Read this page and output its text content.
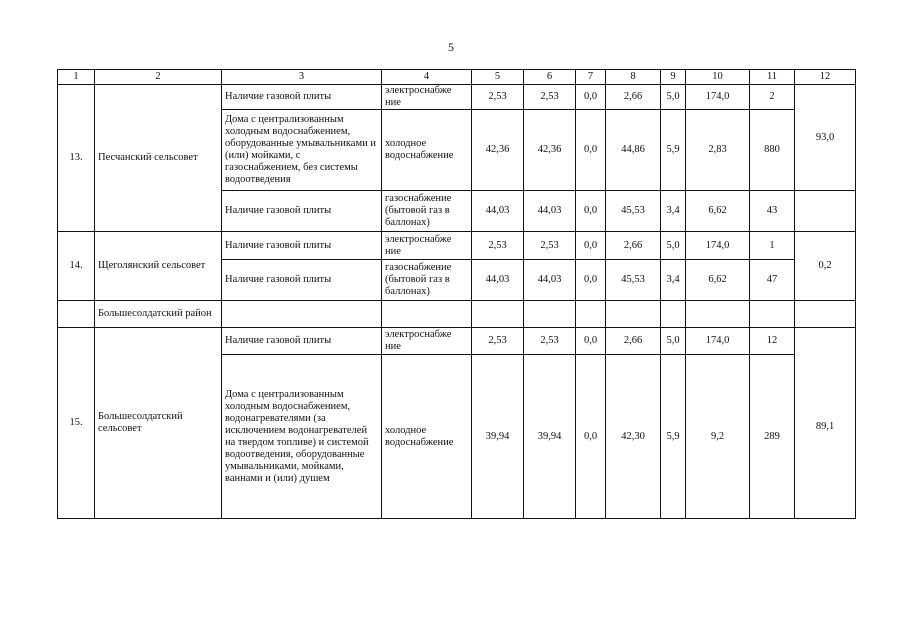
5
1	2	3	4	5	6	7	8	9	10	11	12
13.	Песчанский сельсовет	Наличие газовой плиты	электроснабже ние	2,53	2,53	0,0	2,66	5,0	174,0	2	93,0
		Дома с централизованным холодным водоснабжением, оборудованные умывальниками и (или) мойками, с газоснабжением, без системы водоотведения	холодное водоснабжение	42,36	42,36	0,0	44,86	5,9	2,83	880	
		Наличие газовой плиты	газоснабжение (бытовой газ в баллонах)	44,03	44,03	0,0	45,53	3,4	6,62	43	
14.	Щеголянский сельсовет	Наличие газовой плиты	электроснабже ние	2,53	2,53	0,0	2,66	5,0	174,0	1	0,2
		Наличие газовой плиты	газоснабжение (бытовой газ в баллонах)	44,03	44,03	0,0	45,53	3,4	6,62	47	
	Большесолдатский район										
15.	Большесолдатский сельсовет	Наличие газовой плиты	электроснабже ние	2,53	2,53	0,0	2,66	5,0	174,0	12	89,1
		Дома с централизованным холодным водоснабжением, водонагревателями (за исключением водонагревателей на твердом топливе) и системой водоотведения, оборудованные умывальниками, мойками, ваннами и (или) душем	холодное водоснабжение	39,94	39,94	0,0	42,30	5,9	9,2	289	
